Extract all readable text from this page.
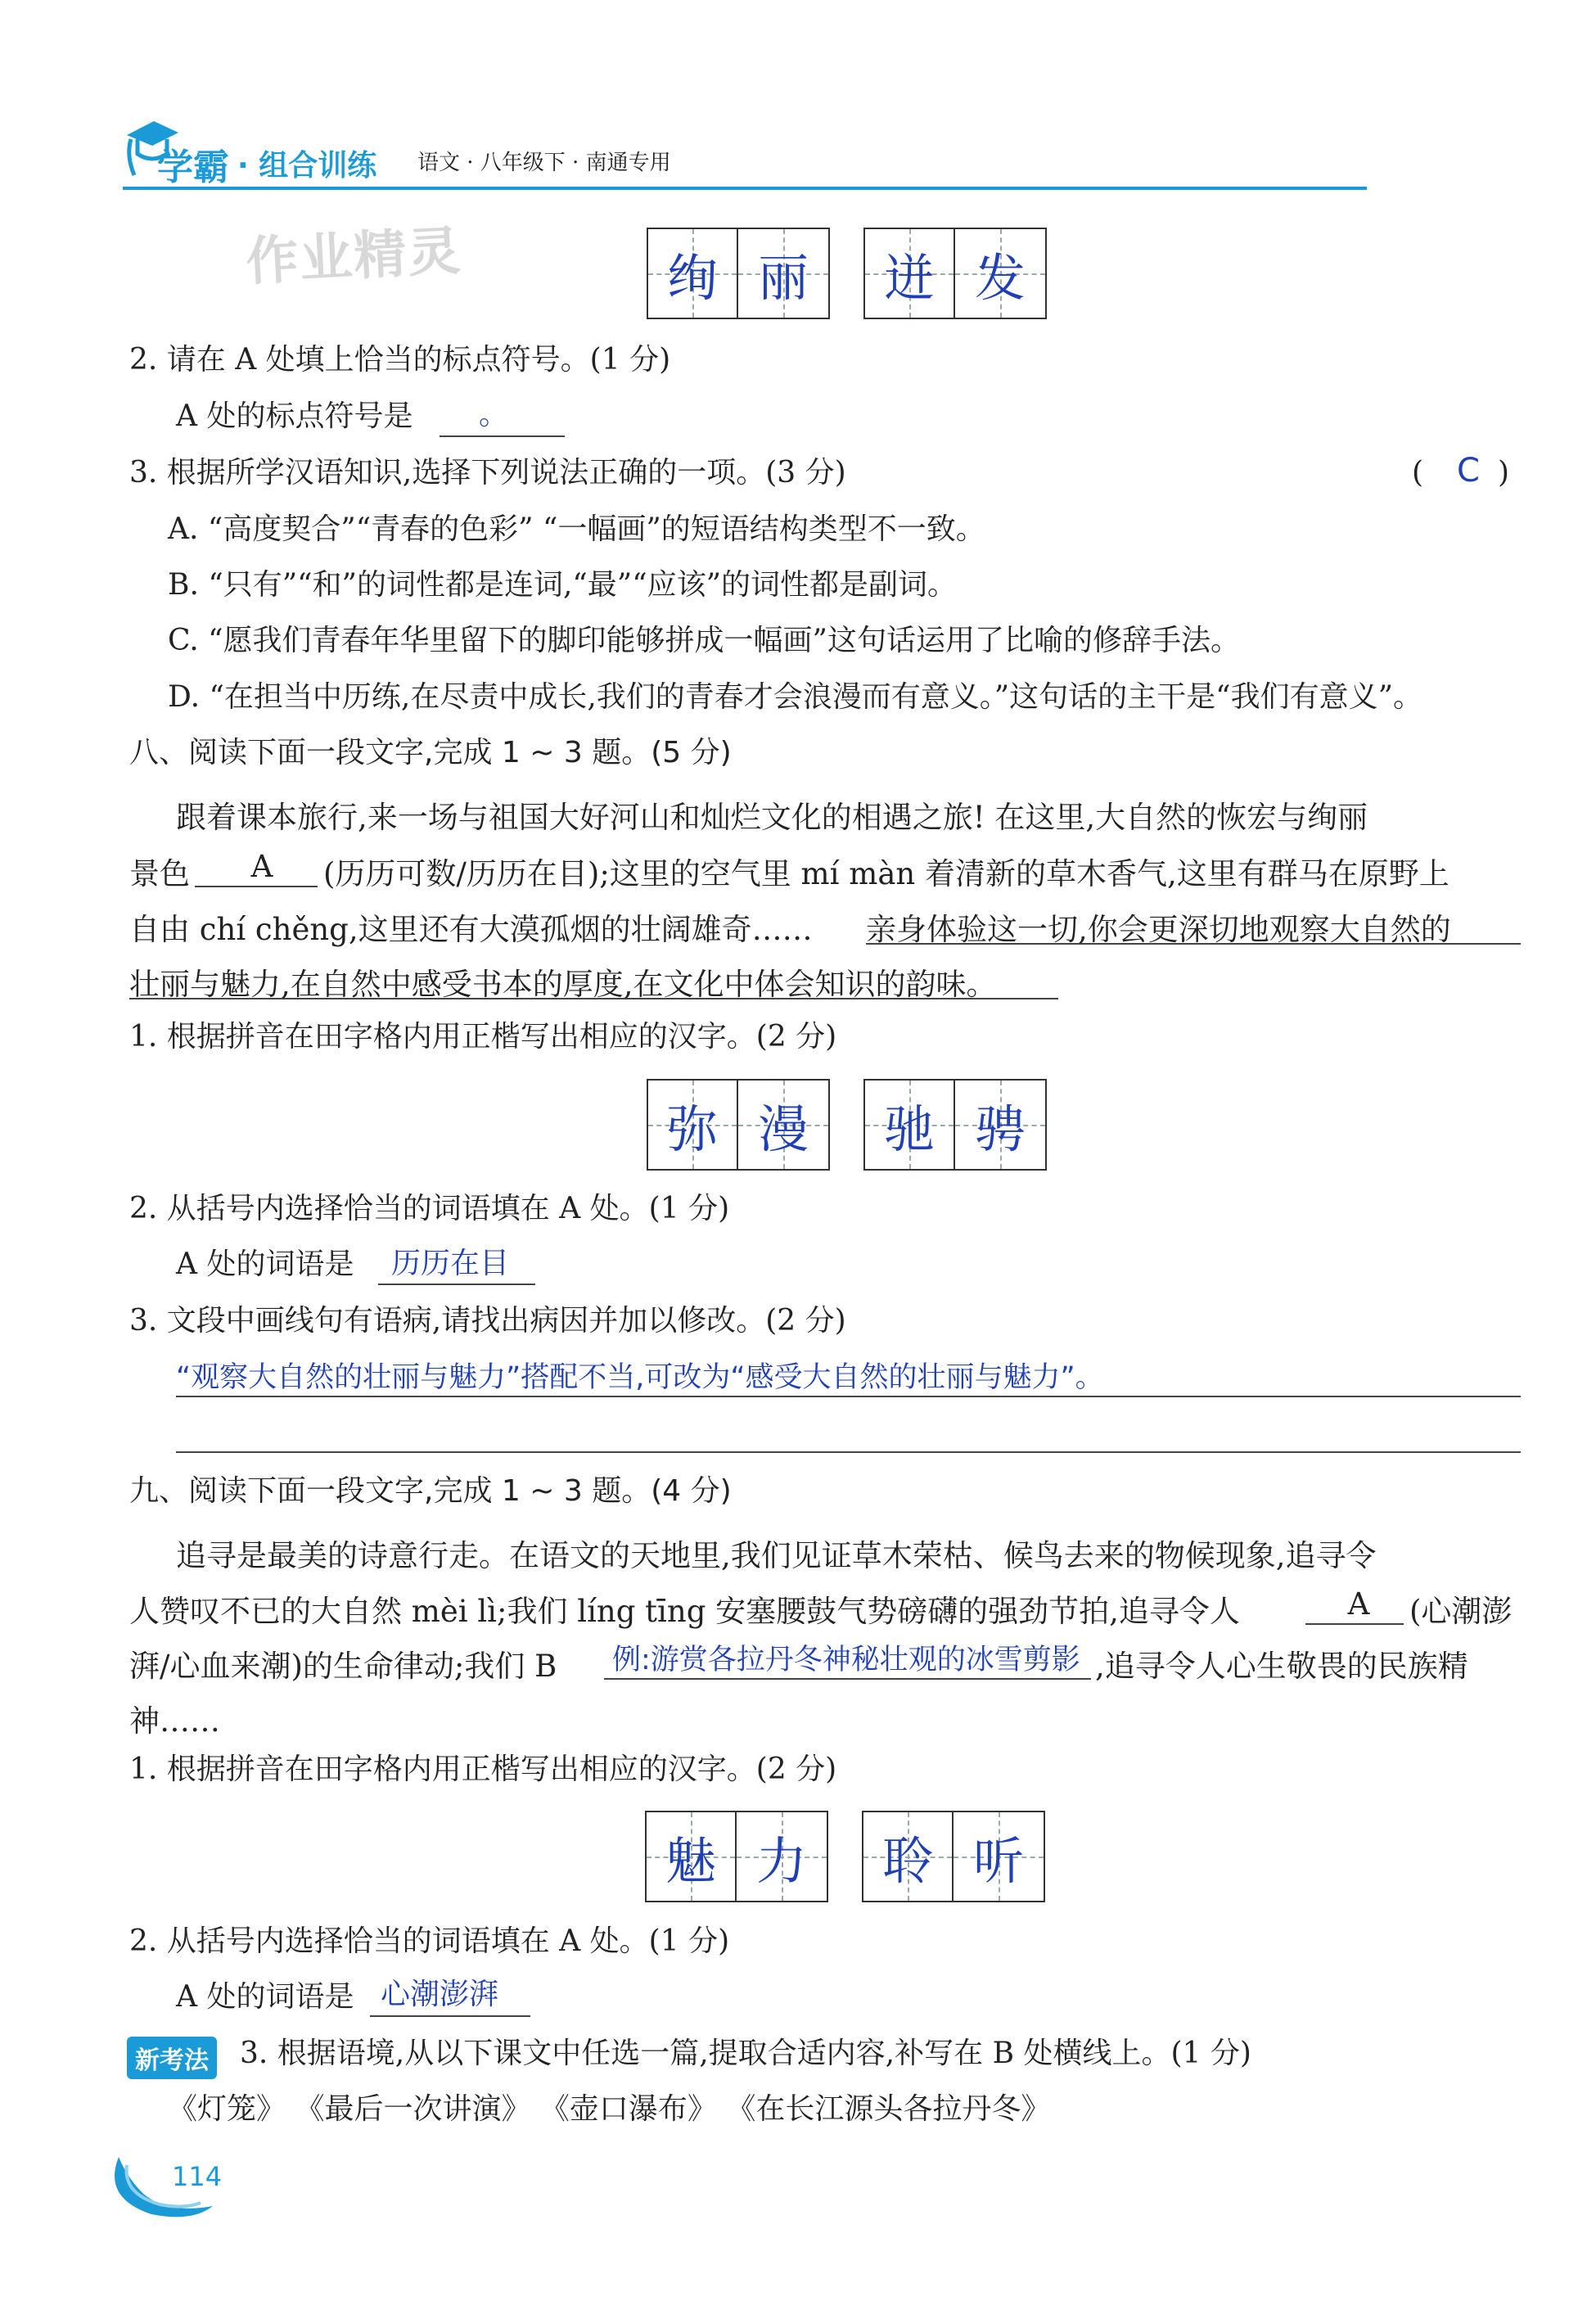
学霸 · 组合训练 语文 · 八年级下 · 南通专用
作业精灵	绚 丽 迸 发
2. 请在 A 处填上恰当的标点符号。(1 分)
A 处的标点符号是 。
3. 根据所学汉语知识,选择下列说法正确的一项。(3 分)	( C )
A. “高度契合”“青春的色彩” “一幅画”的短语结构类型不一致。
B. “只有”“和”的词性都是连词,“最”“应该”的词性都是副词。
C. “愿我们青春年华里留下的脚印能够拼成一幅画”这句话运用了比喻的修辞手法。
D. “在担当中历练,在尽责中成长,我们的青春才会浪漫而有意义。”这句话的主干是“我们有意义”。
八、阅读下面一段文字,完成 1 ~ 3 题。(5 分)
跟着课本旅行,来一场与祖国大好河山和灿烂文化的相遇之旅! 在这里,大自然的恢宏与绚丽
景色	A	(历历可数/历历在目);这里的空气里 mí màn 着清新的草木香气,这里有群马在原野上
自由 chí chěng,这里还有大漠孤烟的壮阔雄奇…… 亲身体验这一切,你会更深切地观察大自然的
壮丽与魅力,在自然中感受书本的厚度,在文化中体会知识的韵味。
1. 根据拼音在田字格内用正楷写出相应的汉字。(2 分)
弥 漫 驰 骋
2. 从括号内选择恰当的词语填在 A 处。(1 分)
A 处的词语是 历历在目
3. 文段中画线句有语病,请找出病因并加以修改。(2 分)
“观察大自然的壮丽与魅力”搭配不当,可改为“感受大自然的壮丽与魅力”。
九、阅读下面一段文字,完成 1 ~ 3 题。(4 分)
追寻是最美的诗意行走。在语文的天地里,我们见证草木荣枯、候鸟去来的物候现象,追寻令
人赞叹不已的大自然 mèi lì;我们 líng tīng 安塞腰鼓气势磅礴的强劲节拍,追寻令人	A	(心潮澎
湃/心血来潮)的生命律动;我们 B 例:游赏各拉丹冬神秘壮观的冰雪剪影 ,追寻令人心生敬畏的民族精
神……
1. 根据拼音在田字格内用正楷写出相应的汉字。(2 分)
魅 力 聆 听
2. 从括号内选择恰当的词语填在 A 处。(1 分)
A 处的词语是 心潮澎湃
新考法 3. 根据语境,从以下课文中任选一篇,提取合适内容,补写在 B 处横线上。(1 分)
《灯笼》 《最后一次讲演》 《壶口瀑布》 《在长江源头各拉丹冬》
114
